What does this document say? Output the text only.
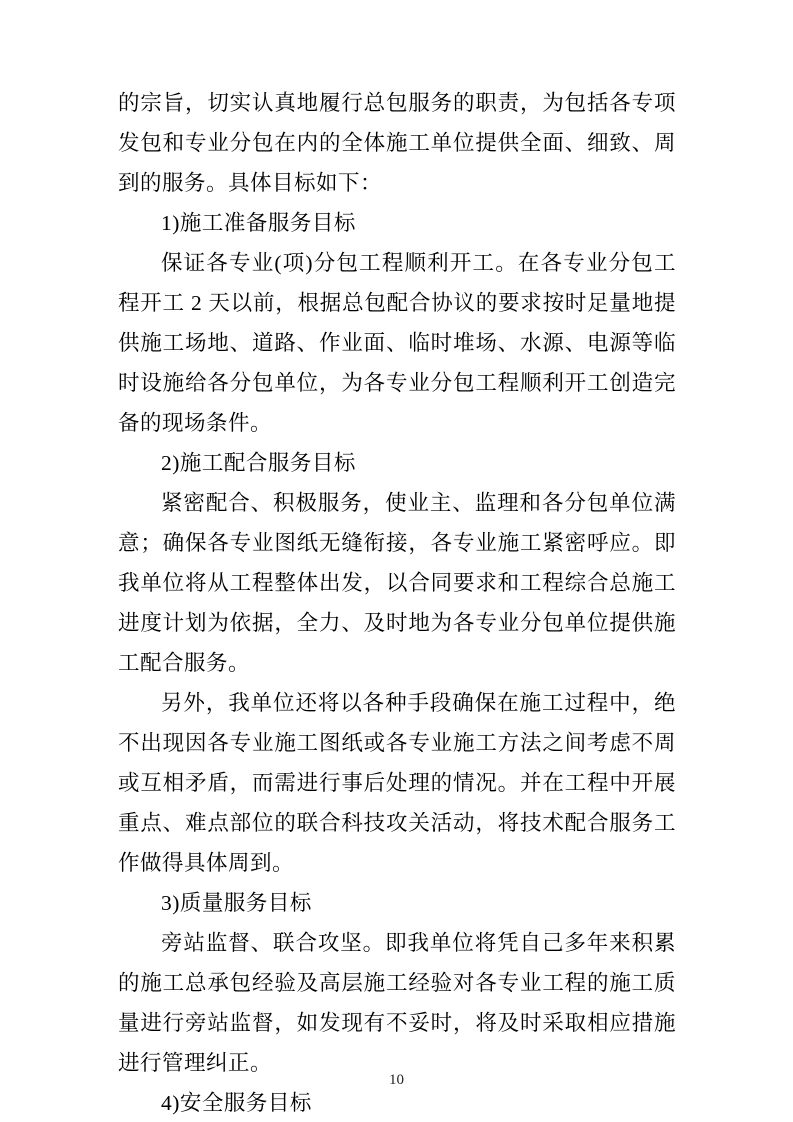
的宗旨，切实认真地履行总包服务的职责，为包括各专项发包和专业分包在内的全体施工单位提供全面、细致、周到的服务。具体目标如下：

1)施工准备服务目标

保证各专业(项)分包工程顺利开工。在各专业分包工程开工 2 天以前，根据总包配合协议的要求按时足量地提供施工场地、道路、作业面、临时堆场、水源、电源等临时设施给各分包单位，为各专业分包工程顺利开工创造完备的现场条件。

2)施工配合服务目标

紧密配合、积极服务，使业主、监理和各分包单位满意；确保各专业图纸无缝衔接，各专业施工紧密呼应。即我单位将从工程整体出发，以合同要求和工程综合总施工进度计划为依据，全力、及时地为各专业分包单位提供施工配合服务。

另外，我单位还将以各种手段确保在施工过程中，绝不出现因各专业施工图纸或各专业施工方法之间考虑不周或互相矛盾，而需进行事后处理的情况。并在工程中开展重点、难点部位的联合科技攻关活动，将技术配合服务工作做得具体周到。

3)质量服务目标

旁站监督、联合攻坚。即我单位将凭自己多年来积累的施工总承包经验及高层施工经验对各专业工程的施工质量进行旁站监督，如发现有不妥时，将及时采取相应措施进行管理纠正。

4)安全服务目标

10
